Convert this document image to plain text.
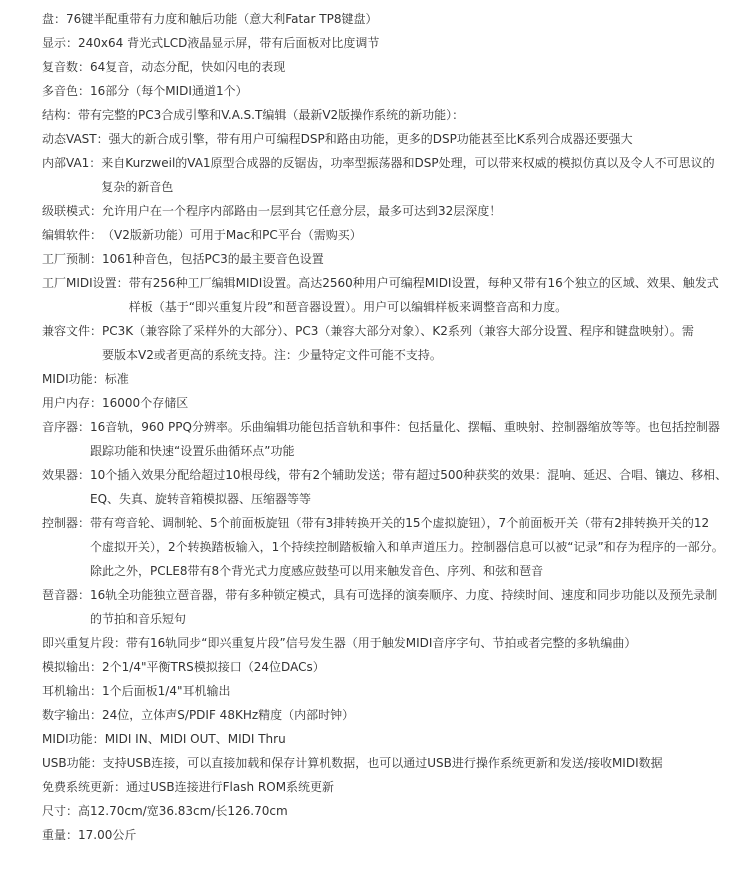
盘： 76键半配重带有力度和触后功能（意大利Fatar TP8键盘）
显示： 240x64 背光式LCD液晶显示屏，带有后面板对比度调节
复音数： 64复音，动态分配，快如闪电的表现
多音色： 16部分（每个MIDI通道1个）
结构： 带有完整的PC3合成引擎和V.A.S.T编辑（最新V2版操作系统的新功能）：
动态VAST： 强大的新合成引擎，带有用户可编程DSP和路由功能，更多的DSP功能甚至比K系列合成器还要强大
内部VA1： 来自Kurzweil的VA1原型合成器的反锯齿，功率型振荡器和DSP处理，可以带来权威的模拟仿真以及令人不可思议的
复杂的新音色
级联模式： 允许用户在一个程序内部路由一层到其它任意分层，最多可达到32层深度！
编辑软件： （V2版新功能）可用于Mac和PC平台（需购买）
工厂预制： 1061种音色，包括PC3的最主要音色设置
工厂MIDI设置： 带有256种工厂编辑MIDI设置。高达2560种用户可编程MIDI设置，每种又带有16个独立的区域、效果、触发式
样板（基于“即兴重复片段”和琶音器设置）。用户可以编辑样板来调整音高和力度。
兼容文件： PC3K（兼容除了采样外的大部分）、PC3（兼容大部分对象）、K2系列（兼容大部分设置、程序和键盘映射）。需
要版本V2或者更高的系统支持。注：少量特定文件可能不支持。
MIDI功能： 标准
用户内存： 16000个存储区
音序器： 16音轨，960 PPQ分辨率。乐曲编辑功能包括音轨和事件：包括量化、摆幅、重映射、控制器缩放等等。也包括控制器
跟踪功能和快速“设置乐曲循环点”功能
效果器： 10个插入效果分配给超过10根母线，带有2个辅助发送；带有超过500种获奖的效果：混响、延迟、合唱、镶边、移相、
EQ、失真、旋转音箱模拟器、压缩器等等
控制器： 带有弯音轮、调制轮、5个前面板旋钮（带有3排转换开关的15个虚拟旋钮），7个前面板开关（带有2排转换开关的12
个虚拟开关），2个转换踏板输入，1个持续控制踏板输入和单声道压力。控制器信息可以被“记录”和存为程序的一部分。
除此之外，PCLE8带有8个背光式力度感应鼓垫可以用来触发音色、序列、和弦和琶音
琶音器： 16轨全功能独立琶音器，带有多种锁定模式，具有可选择的演奏顺序、力度、持续时间、速度和同步功能以及预先录制
的节拍和音乐短句
即兴重复片段： 带有16轨同步“即兴重复片段”信号发生器（用于触发MIDI音序字句、节拍或者完整的多轨编曲）
模拟输出： 2个1/4"平衡TRS模拟接口（24位DACs）
耳机输出： 1个后面板1/4"耳机输出
数字输出： 24位，立体声S/PDIF 48KHz精度（内部时钟）
MIDI功能： MIDI IN、MIDI OUT、MIDI Thru
USB功能： 支持USB连接，可以直接加载和保存计算机数据，也可以通过USB进行操作系统更新和发送/接收MIDI数据
免费系统更新： 通过USB连接进行Flash ROM系统更新
尺寸： 高12.70cm/宽36.83cm/长126.70cm
重量： 17.00公斤
